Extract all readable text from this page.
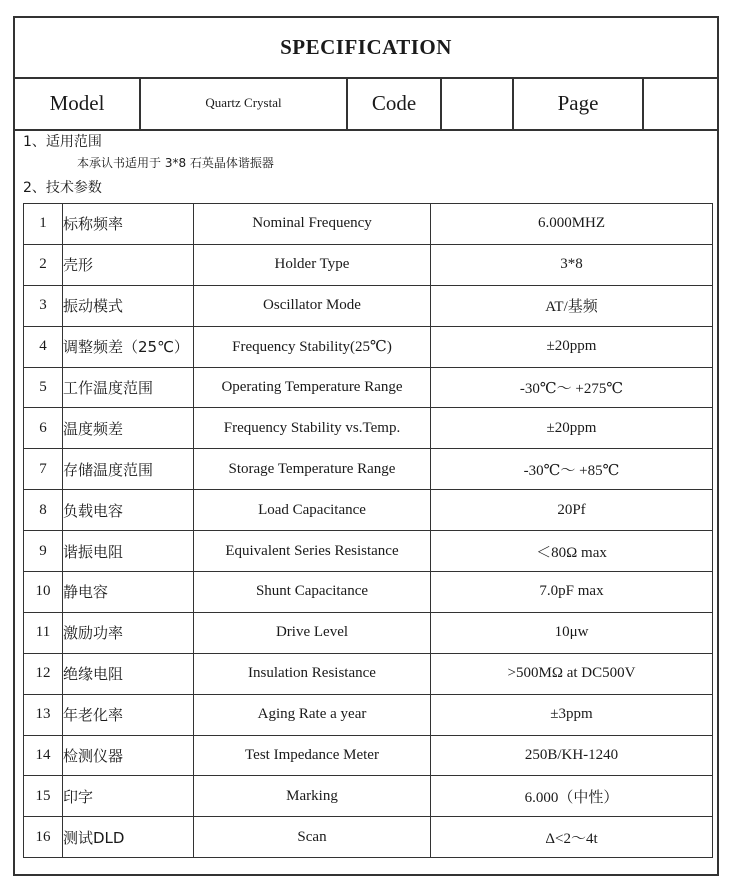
SPECIFICATION
Model	Quartz Crystal	Code	Page
1、适用范围
本承认书适用于 3*8 石英晶体谐振器
2、技术参数
1	标称频率	Nominal Frequency	6.000MHZ
2	壳形	Holder Type	3*8
3	振动模式	Oscillator Mode	AT/基频
4	调整频差（25℃）	Frequency Stability(25℃)	±20ppm
5	工作温度范围	Operating Temperature Range	-30℃～ +275℃
6	温度频差	Frequency Stability vs.Temp.	±20ppm
7	存储温度范围	Storage Temperature Range	-30℃～ +85℃
8	负载电容	Load Capacitance	20Pf
9	谐振电阻	Equivalent Series Resistance	＜80Ω max
10	静电容	Shunt Capacitance	7.0pF max
11	激励功率	Drive Level	10μw
12	绝缘电阻	Insulation Resistance	>500MΩ at DC500V
13	年老化率	Aging Rate a year	±3ppm
14	检测仪器	Test Impedance Meter	250B/KH-1240
15	印字	Marking	6.000（中性）
16	测试DLD	Scan	Δ<2～4t
